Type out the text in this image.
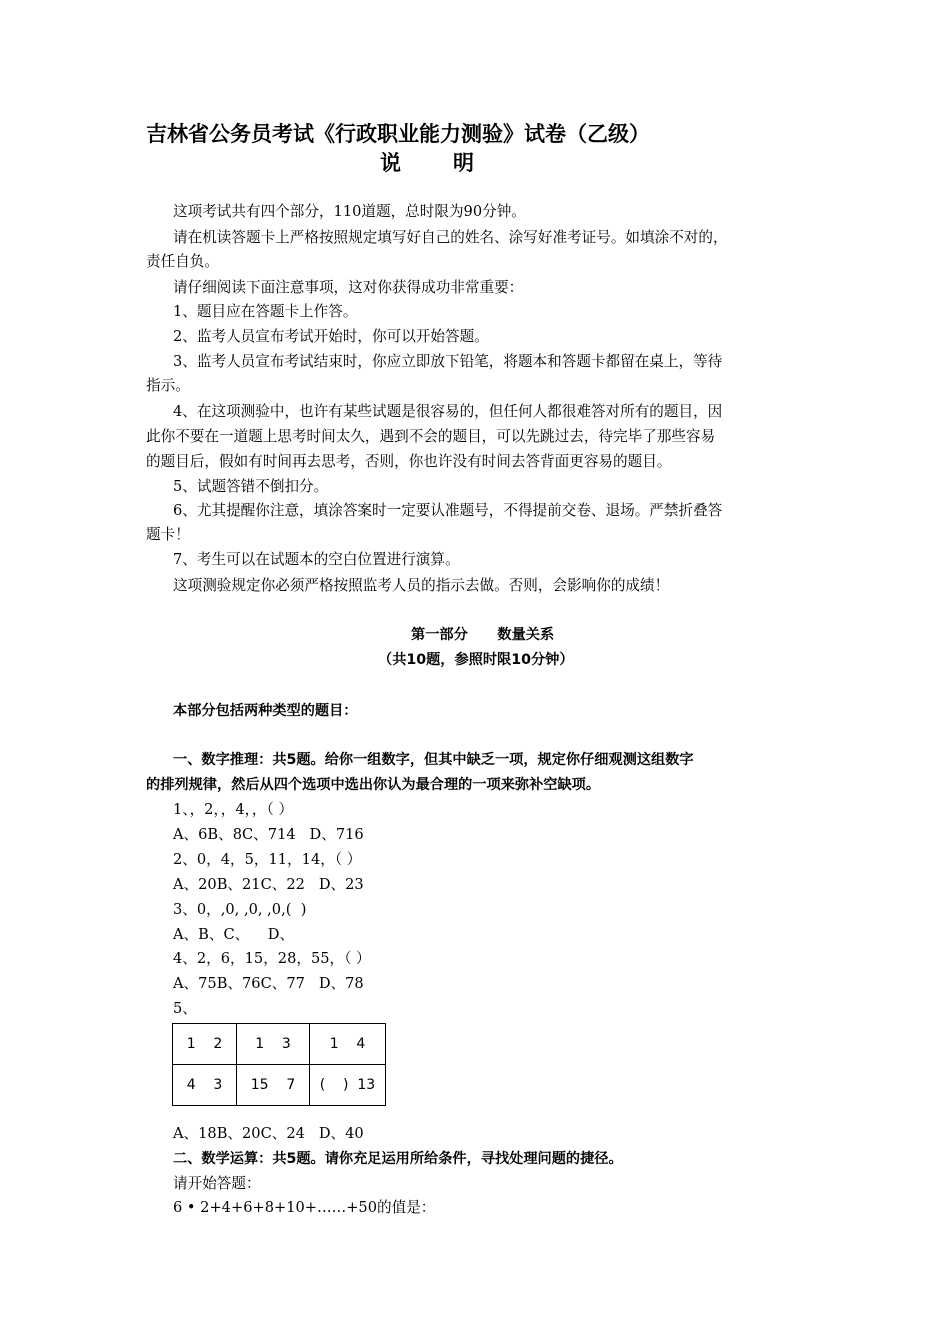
吉林省公务员考试《行政职业能力测验》试卷（乙级）
说明
这项考试共有四个部分，110道题，总时限为90分钟。
请在机读答题卡上严格按照规定填写好自己的姓名、涂写好准考证号。如填涂不对的，
责任自负。
请仔细阅读下面注意事项，这对你获得成功非常重要：
1、题目应在答题卡上作答。
2、监考人员宣布考试开始时，你可以开始答题。
3、监考人员宣布考试结束时，你应立即放下铅笔，将题本和答题卡都留在桌上，等待
指示。
4、在这项测验中，也许有某些试题是很容易的，但任何人都很难答对所有的题目，因
此你不要在一道题上思考时间太久，遇到不会的题目，可以先跳过去，待完毕了那些容易
的题目后，假如有时间再去思考，否则，你也许没有时间去答背面更容易的题目。
5、试题答错不倒扣分。
6、尤其提醒你注意，填涂答案时一定要认准题号，不得提前交卷、退场。严禁折叠答
题卡！
7、考生可以在试题本的空白位置进行演算。
这项测验规定你必须严格按照监考人员的指示去做。否则，会影响你的成绩！
第一部分      数量关系
（共10题，参照时限10分钟）
本部分包括两种类型的题目：
一、数字推理：共5题。给你一组数字，但其中缺乏一项，规定你仔细观测这组数字
的排列规律，然后从四个选项中选出你认为最合理的一项来弥补空缺项。
1、，2，，4，，（ ）
A、6B、8C、714   D、716
2、0，4，5，11，14，（ ）
A、20B、21C、22   D、23
3、0，,0, ,0, ,0,(  )
A、B、C、    D、
4、2，6，15，28，55，（ ）
A、75B、76C、77   D、78
5、
1    2	1    3	1    4
4    3	15    7	(    )  13
A、18B、20C、24   D、40
二、数学运算：共5题。请你充足运用所给条件，寻找处理问题的捷径。
请开始答题：
6 • 2+4+6+8+10+……+50的值是：
